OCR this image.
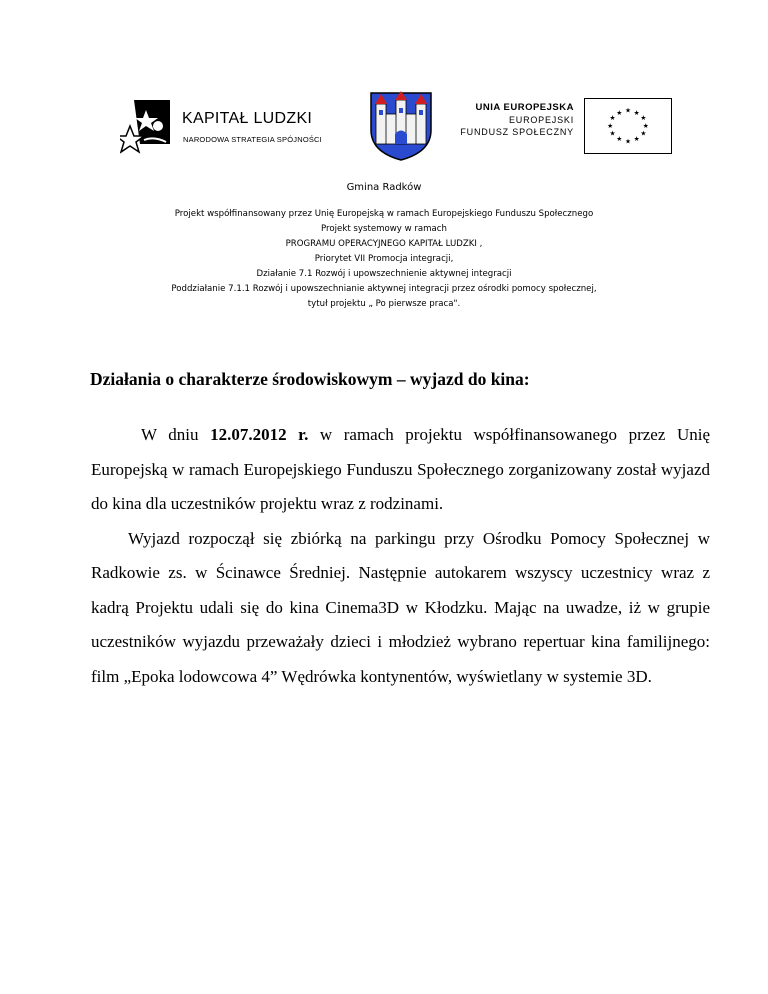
KAPITAŁ LUDZKI
NARODOWA STRATEGIA SPÓJNOŚCI
UNIA EUROPEJSKA
EUROPEJSKI
FUNDUSZ SPOŁECZNY
★ ★
★
★
★
★
★
★
★
★
★
★
Gmina Radków
Projekt współfinansowany przez Unię Europejską w ramach Europejskiego Funduszu Społecznego
Projekt systemowy w ramach
PROGRAMU OPERACYJNEGO KAPITAŁ LUDZKI ,
Priorytet VII Promocja integracji,
Działanie 7.1 Rozwój i upowszechnienie aktywnej integracji
Poddziałanie 7.1.1 Rozwój i upowszechnianie aktywnej integracji przez ośrodki pomocy społecznej,
tytuł projektu „ Po pierwsze praca".
Działania o charakterze środowiskowym – wyjazd do kina:

W dniu 12.07.2012 r. w ramach projektu współfinansowanego przez Unię Europejską w ramach Europejskiego Funduszu Społecznego zorganizowany został wyjazd do kina dla uczestników projektu wraz z rodzinami.

Wyjazd rozpoczął się zbiórką na parkingu przy Ośrodku Pomocy Społecznej w Radkowie zs. w Ścinawce Średniej. Następnie autokarem wszyscy uczestnicy wraz z kadrą Projektu udali się do kina Cinema3D w Kłodzku. Mając na uwadze, iż w grupie uczestników wyjazdu przeważały dzieci i młodzież wybrano repertuar kina familijnego: film „Epoka lodowcowa 4” Wędrówka kontynentów, wyświetlany w systemie 3D.
